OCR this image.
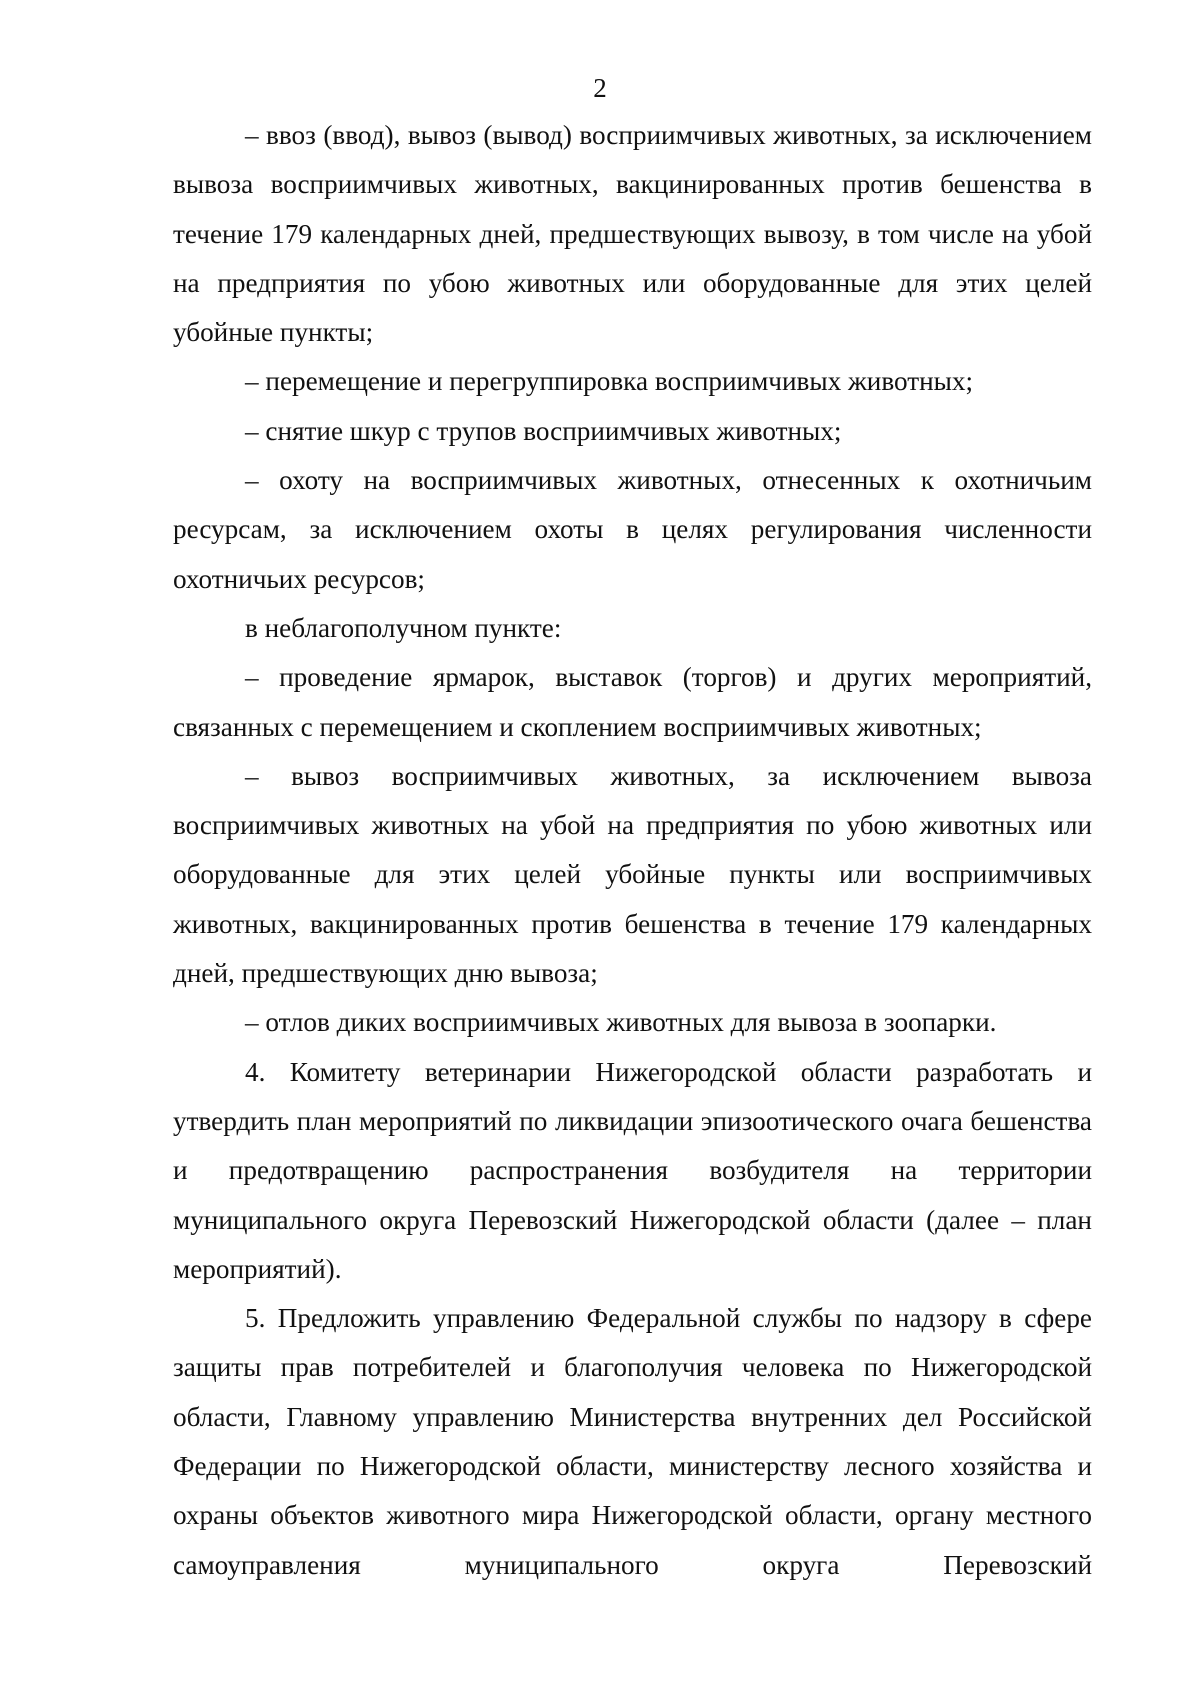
2

– ввоз (ввод), вывоз (вывод) восприимчивых животных, за исключением вывоза восприимчивых животных, вакцинированных против бешенства в течение 179 календарных дней, предшествующих вывозу, в том числе на убой на предприятия по убою животных или оборудованные для этих целей убойные пункты;

– перемещение и перегруппировка восприимчивых животных;

– снятие шкур с трупов восприимчивых животных;

– охоту на восприимчивых животных, отнесенных к охотничьим ресурсам, за исключением охоты в целях регулирования численности охотничьих ресурсов;

в неблагополучном пункте:

– проведение ярмарок, выставок (торгов) и других мероприятий, связанных с перемещением и скоплением восприимчивых животных;

– вывоз восприимчивых животных, за исключением вывоза восприимчивых животных на убой на предприятия по убою животных или оборудованные для этих целей убойные пункты или восприимчивых животных, вакцинированных против бешенства в течение 179 календарных дней, предшествующих дню вывоза;

– отлов диких восприимчивых животных для вывоза в зоопарки.

4. Комитету ветеринарии Нижегородской области разработать и утвердить план мероприятий по ликвидации эпизоотического очага бешенства и предотвращению распространения возбудителя на территории муниципального округа Перевозский Нижегородской области (далее – план мероприятий).

5. Предложить управлению Федеральной службы по надзору в сфере защиты прав потребителей и благополучия человека по Нижегородской области, Главному управлению Министерства внутренних дел Российской Федерации по Нижегородской области, министерству лесного хозяйства и охраны объектов животного мира Нижегородской области, органу местного самоуправления муниципального округа Перевозский
